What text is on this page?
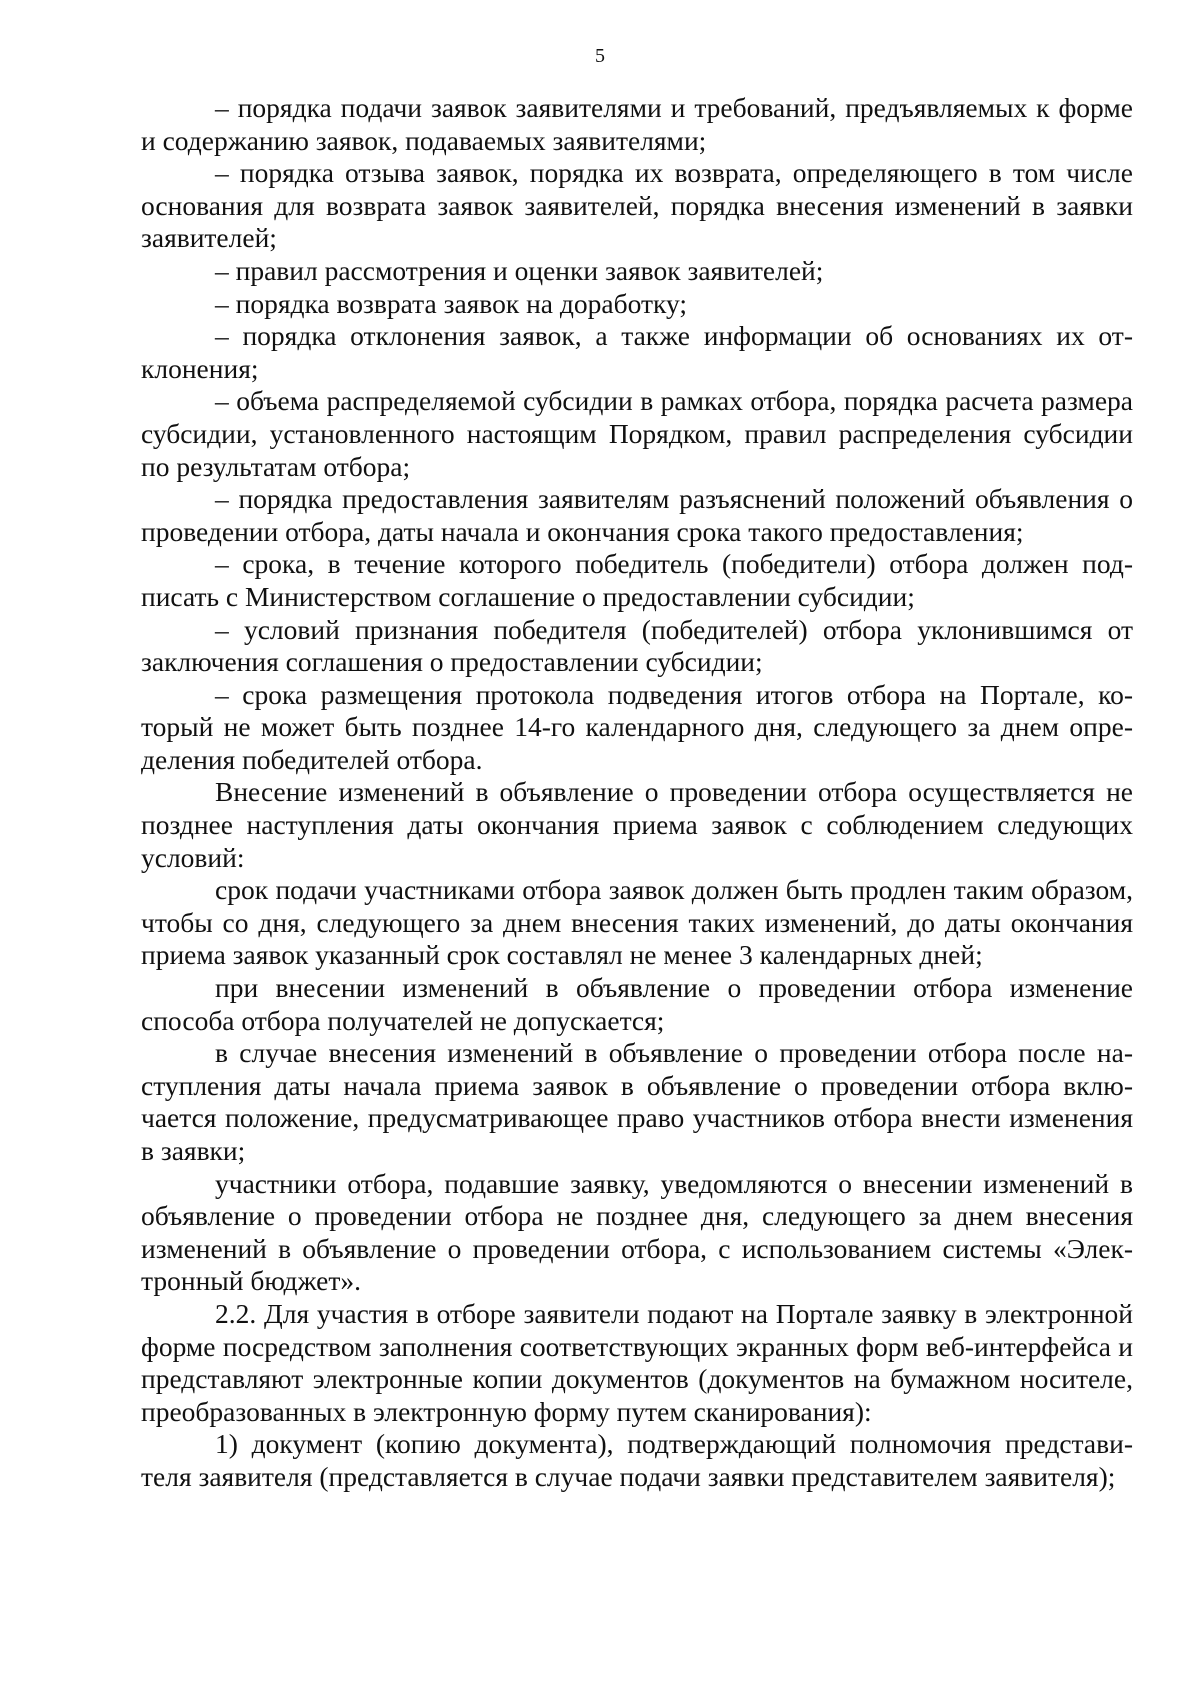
5

– порядка подачи заявок заявителями и требований, предъявляемых к форме и содержанию заявок, подаваемых заявителями;

– порядка отзыва заявок, порядка их возврата, определяющего в том числе основания для возврата заявок заявителей, порядка внесения изменений в заявки заявителей;

– правил рассмотрения и оценки заявок заявителей;

– порядка возврата заявок на доработку;

– порядка отклонения заявок, а также информации об основаниях их отклонения;

– объема распределяемой субсидии в рамках отбора, порядка расчета размера субсидии, установленного настоящим Порядком, правил распределения субсидии по результатам отбора;

– порядка предоставления заявителям разъяснений положений объявления о проведении отбора, даты начала и окончания срока такого предоставления;

– срока, в течение которого победитель (победители) отбора должен подписать с Министерством соглашение о предоставлении субсидии;

– условий признания победителя (победителей) отбора уклонившимся от заключения соглашения о предоставлении субсидии;

– срока размещения протокола подведения итогов отбора на Портале, который не может быть позднее 14-го календарного дня, следующего за днем определения победителей отбора.

Внесение изменений в объявление о проведении отбора осуществляется не позднее наступления даты окончания приема заявок с соблюдением следующих условий:

срок подачи участниками отбора заявок должен быть продлен таким образом, чтобы со дня, следующего за днем внесения таких изменений, до даты окончания приема заявок указанный срок составлял не менее 3 календарных дней;

при внесении изменений в объявление о проведении отбора изменение способа отбора получателей не допускается;

в случае внесения изменений в объявление о проведении отбора после наступления даты начала приема заявок в объявление о проведении отбора включается положение, предусматривающее право участников отбора внести изменения в заявки;

участники отбора, подавшие заявку, уведомляются о внесении изменений в объявление о проведении отбора не позднее дня, следующего за днем внесения изменений в объявление о проведении отбора, с использованием системы «Электронный бюджет».

2.2. Для участия в отборе заявители подают на Портале заявку в электронной форме посредством заполнения соответствующих экранных форм веб-интерфейса и представляют электронные копии документов (документов на бумажном носителе, преобразованных в электронную форму путем сканирования):

1) документ (копию документа), подтверждающий полномочия представителя заявителя (представляется в случае подачи заявки представителем заявителя);
